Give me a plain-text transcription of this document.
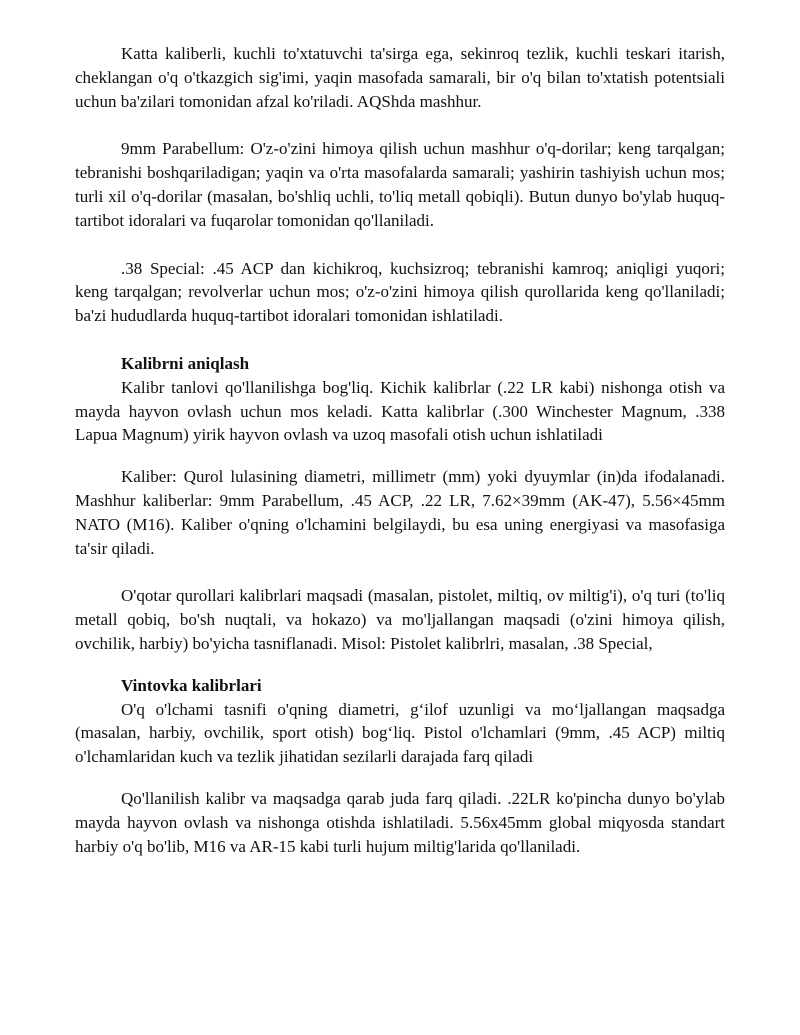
Katta kaliberli, kuchli to'xtatuvchi ta'sirga ega, sekinroq tezlik, kuchli teskari itarish, cheklangan o'q o'tkazgich sig'imi, yaqin masofada samarali, bir o'q bilan to'xtatish potentsiali uchun ba'zilari tomonidan afzal ko'riladi. AQShda mashhur.

9mm Parabellum: O'z-o'zini himoya qilish uchun mashhur o'q-dorilar; keng tarqalgan; tebranishi boshqariladigan; yaqin va o'rta masofalarda samarali; yashirin tashiyish uchun mos; turli xil o'q-dorilar (masalan, bo'shliq uchli, to'liq metall qobiqli). Butun dunyo bo'ylab huquq-tartibot idoralari va fuqarolar tomonidan qo'llaniladi.

.38 Special: .45 ACP dan kichikroq, kuchsizroq; tebranishi kamroq; aniqligi yuqori; keng tarqalgan; revolverlar uchun mos; o'z-o'zini himoya qilish qurollarida keng qo'llaniladi; ba'zi hududlarda huquq-tartibot idoralari tomonidan ishlatiladi.

Kalibrni aniqlash

Kalibr tanlovi qo'llanilishga bog'liq. Kichik kalibrlar (.22 LR kabi) nishonga otish va mayda hayvon ovlash uchun mos keladi. Katta kalibrlar (.300 Winchester Magnum, .338 Lapua Magnum) yirik hayvon ovlash va uzoq masofali otish uchun ishlatiladi

Kaliber: Qurol lulasining diametri, millimetr (mm) yoki dyuymlar (in)da ifodalanadi. Mashhur kaliberlar: 9mm Parabellum, .45 ACP, .22 LR, 7.62×39mm (AK-47), 5.56×45mm NATO (M16). Kaliber o'qning o'lchamini belgilaydi, bu esa uning energiyasi va masofasiga ta'sir qiladi.

O'qotar qurollari kalibrlari maqsadi (masalan, pistolet, miltiq, ov miltig'i), o'q turi (to'liq metall qobiq, bo'sh nuqtali, va hokazo) va mo'ljallangan maqsadi (o'zini himoya qilish, ovchilik, harbiy) bo'yicha tasniflanadi. Misol: Pistolet kalibrlri, masalan, .38 Special,

Vintovka kalibrlari

O'q o'lchami tasnifi o'qning diametri, g‘ilof uzunligi va mo‘ljallangan maqsadga (masalan, harbiy, ovchilik, sport otish) bog‘liq. Pistol o'lchamlari (9mm, .45 ACP) miltiq o'lchamlaridan kuch va tezlik jihatidan sezilarli darajada farq qiladi

Qo'llanilish kalibr va maqsadga qarab juda farq qiladi. .22LR ko'pincha dunyo bo'ylab mayda hayvon ovlash va nishonga otishda ishlatiladi. 5.56x45mm global miqyosda standart harbiy o'q bo'lib, M16 va AR-15 kabi turli hujum miltig'larida qo'llaniladi.
